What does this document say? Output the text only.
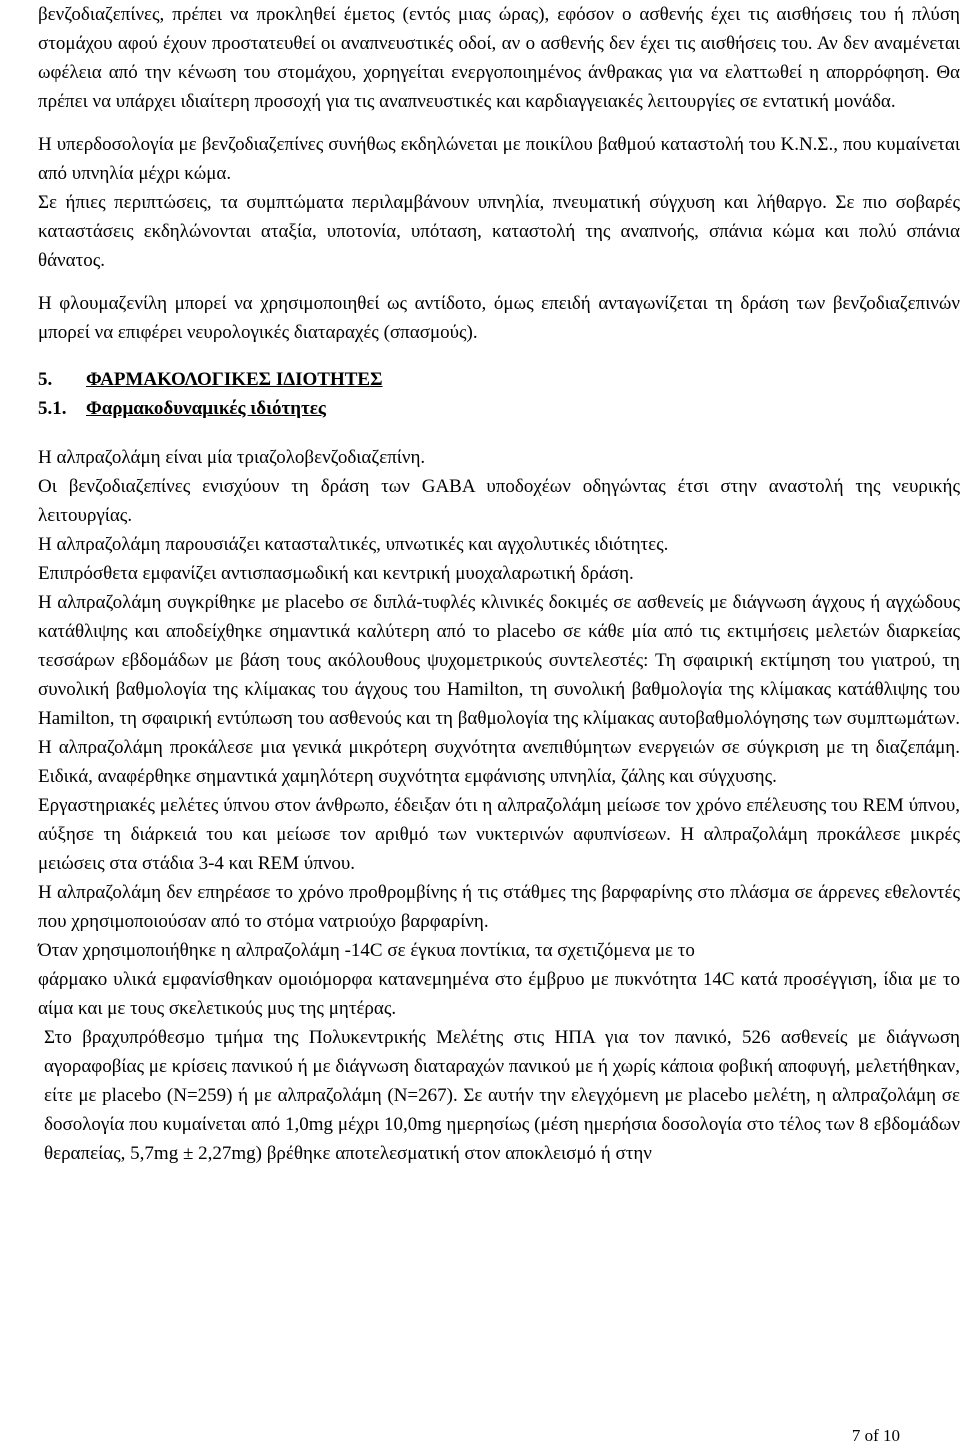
βενζοδιαζεπίνες, πρέπει να προκληθεί έμετος (εντός μιας ώρας), εφόσον ο ασθενής έχει τις αισθήσεις του ή πλύση στομάχου αφού έχουν προστατευθεί οι αναπνευστικές οδοί, αν ο ασθενής δεν έχει τις αισθήσεις του. Αν δεν αναμένεται ωφέλεια από την κένωση του στομάχου, χορηγείται ενεργοποιημένος άνθρακας για να ελαττωθεί η απορρόφηση. Θα πρέπει να υπάρχει ιδιαίτερη προσοχή για τις αναπνευστικές και καρδιαγγειακές λειτουργίες σε εντατική μονάδα.

Η υπερδοσολογία με βενζοδιαζεπίνες συνήθως εκδηλώνεται με ποικίλου βαθμού καταστολή του Κ.Ν.Σ., που κυμαίνεται από υπνηλία μέχρι κώμα.

Σε ήπιες περιπτώσεις, τα συμπτώματα περιλαμβάνουν υπνηλία, πνευματική σύγχυση και λήθαργο. Σε πιο σοβαρές καταστάσεις εκδηλώνονται αταξία, υποτονία, υπόταση, καταστολή της αναπνοής, σπάνια κώμα και πολύ σπάνια θάνατος.

Η φλουμαζενίλη μπορεί να χρησιμοποιηθεί ως αντίδοτο, όμως επειδή ανταγωνίζεται τη δράση των βενζοδιαζεπινών μπορεί να επιφέρει νευρολογικές διαταραχές (σπασμούς).

5. ΦΑΡΜΑΚΟΛΟΓΙΚΕΣ ΙΔΙΟΤΗΤΕΣ
5.1. Φαρμακοδυναμικές ιδιότητες

Η αλπραζολάμη είναι μία τριαζολοβενζοδιαζεπίνη.

Οι βενζοδιαζεπίνες ενισχύουν τη δράση των GABA υποδοχέων οδηγώντας έτσι στην αναστολή της νευρικής λειτουργίας.

Η αλπραζολάμη παρουσιάζει κατασταλτικές, υπνωτικές και αγχολυτικές ιδιότητες.

Επιπρόσθετα εμφανίζει αντισπασμωδική και κεντρική μυοχαλαρωτική δράση.

Η αλπραζολάμη συγκρίθηκε με placebo σε διπλά-τυφλές κλινικές δοκιμές σε ασθενείς με διάγνωση άγχους ή αγχώδους κατάθλιψης και αποδείχθηκε σημαντικά καλύτερη από το placebo σε κάθε μία από τις εκτιμήσεις μελετών διαρκείας τεσσάρων εβδομάδων με βάση τους ακόλουθους ψυχομετρικούς συντελεστές: Τη σφαιρική εκτίμηση του γιατρού, τη συνολική βαθμολογία της κλίμακας του άγχους του Hamilton, τη συνολική βαθμολογία της κλίμακας κατάθλιψης του Hamilton, τη σφαιρική εντύπωση του ασθενούς και τη βαθμολογία της κλίμακας αυτοβαθμολόγησης των συμπτωμάτων. Η αλπραζολάμη προκάλεσε μια γενικά μικρότερη συχνότητα ανεπιθύμητων ενεργειών σε σύγκριση με τη διαζεπάμη. Ειδικά, αναφέρθηκε σημαντικά χαμηλότερη συχνότητα εμφάνισης υπνηλία, ζάλης και σύγχυσης.

Εργαστηριακές μελέτες ύπνου στον άνθρωπο, έδειξαν ότι η αλπραζολάμη μείωσε τον χρόνο επέλευσης του REM ύπνου, αύξησε τη διάρκειά του και μείωσε τον αριθμό των νυκτερινών αφυπνίσεων. Η αλπραζολάμη προκάλεσε μικρές μειώσεις στα στάδια 3-4 και REM ύπνου.

Η αλπραζολάμη δεν επηρέασε το χρόνο προθρομβίνης ή τις στάθμες της βαρφαρίνης στο πλάσμα σε άρρενες εθελοντές που χρησιμοποιούσαν από το στόμα νατριούχο βαρφαρίνη.

Όταν χρησιμοποιήθηκε η αλπραζολάμη -14C σε έγκυα ποντίκια, τα σχετιζόμενα με το

φάρμακο υλικά εμφανίσθηκαν ομοιόμορφα κατανεμημένα στο έμβρυο με πυκνότητα 14C κατά προσέγγιση, ίδια με το αίμα και με τους σκελετικούς μυς της μητέρας.

Στο βραχυπρόθεσμο τμήμα της Πολυκεντρικής Μελέτης στις ΗΠΑ για τον πανικό, 526 ασθενείς με διάγνωση αγοραφοβίας με κρίσεις πανικού ή με διάγνωση διαταραχών πανικού με ή χωρίς κάποια φοβική αποφυγή, μελετήθηκαν, είτε με placebo (N=259) ή με αλπραζολάμη (N=267). Σε αυτήν την ελεγχόμενη με placebo μελέτη, η αλπραζολάμη σε δοσολογία που κυμαίνεται από 1,0mg μέχρι 10,0mg ημερησίως (μέση ημερήσια δοσολογία στο τέλος των 8 εβδομάδων θεραπείας, 5,7mg ± 2,27mg) βρέθηκε αποτελεσματική στον αποκλεισμό ή στην

7 of 10
